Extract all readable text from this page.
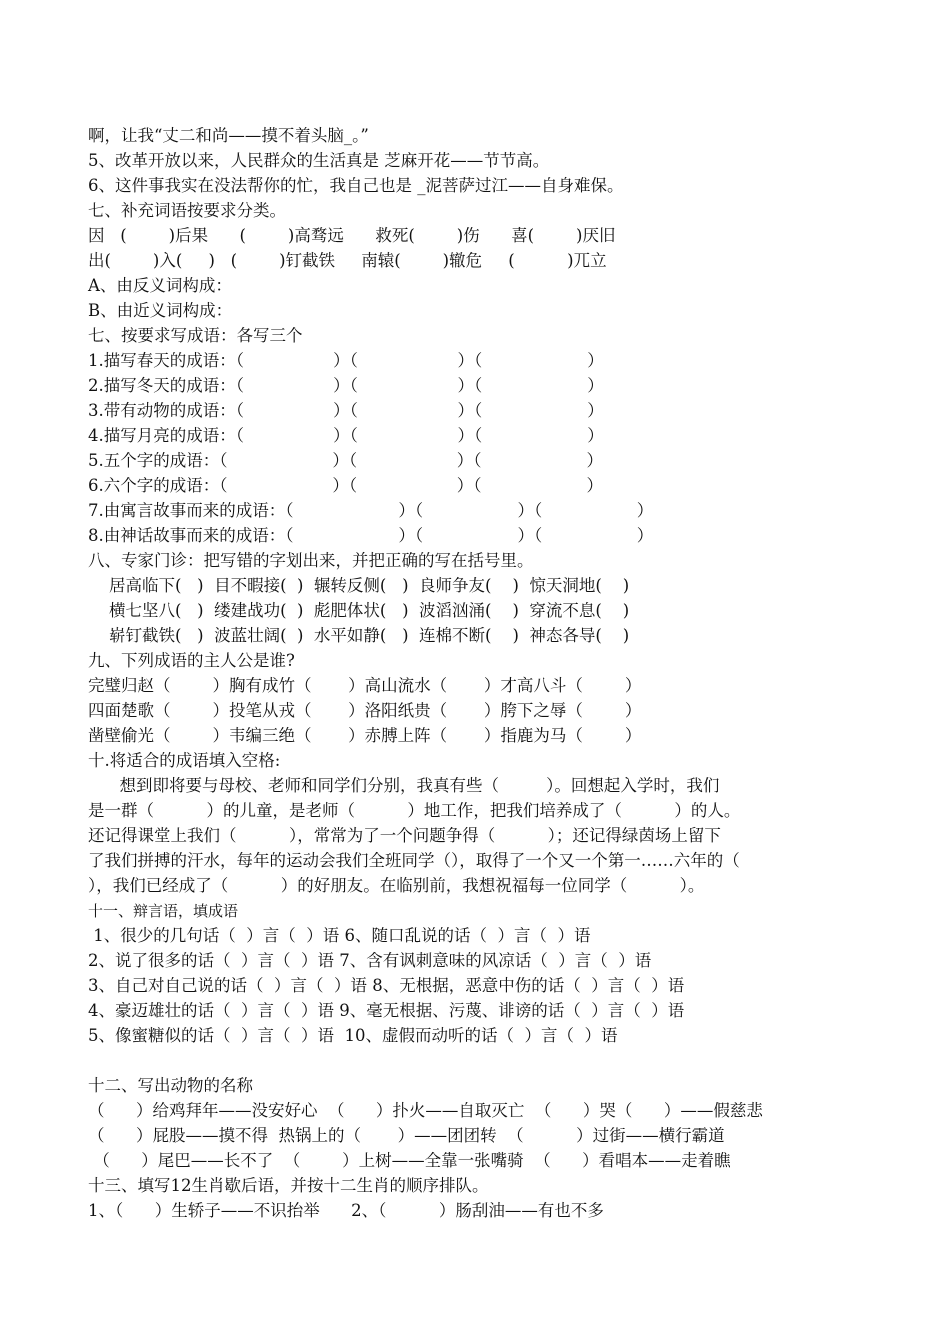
啊，让我“丈二和尚——摸不着头脑_。”
5、改革开放以来，人民群众的生活真是 芝麻开花——节节高。
6、这件事我实在没法帮你的忙，我自己也是 _泥菩萨过江——自身难保。
七、补充词语按要求分类。
因   (        )后果      (        )高骛远      救死(        )伤      喜(        )厌旧
出(        )入(     )   (        )钉截铁     南辕(        )辙危     (          )兀立
A、由反义词构成：
B、由近义词构成：
七、按要求写成语：各写三个
1.描写春天的成语：（                 ）（                   ）（                    ）
2.描写冬天的成语：（                 ）（                   ）（                    ）
3.带有动物的成语：（                 ）（                   ）（                    ）
4.描写月亮的成语：（                 ）（                   ）（                    ）
5.五个字的成语：（                    ）（                   ）（                    ）
6.六个字的成语：（                    ）（                   ）（                    ）
7.由寓言故事而来的成语：（                    ）（                  ）（                  ）
8.由神话故事而来的成语：（                    ）（                  ）（                  ）
八、专家门诊：把写错的字划出来，并把正确的写在括号里。
居高临下(   )  目不暇接(  )  辗转反侧(   )  良师争友(    )  惊天洞地(    )
横七坚八(   )  缕建战功(  )  彪肥体状(   )  波滔汹涌(    )  穿流不息(    )
崭钉截铁(   )  波蓝壮阔(  )  水平如静(   )  连棉不断(    )  神态各导(    )
九、下列成语的主人公是谁?
完璧归赵（        ）胸有成竹（       ）高山流水（       ）才高八斗（        ）
四面楚歌（        ）投笔从戎（       ）洛阳纸贵（       ）胯下之辱（        ）
凿壁偷光（        ）韦编三绝（       ）赤膊上阵（       ）指鹿为马（        ）
十.将适合的成语填入空格:
想到即将要与母校、老师和同学们分别，我真有些（         ）。回想起入学时，我们
是一群（          ）的儿童，是老师（          ）地工作，把我们培养成了（          ）的人。
还记得课堂上我们（          ），常常为了一个问题争得（          ）；还记得绿茵场上留下
了我们拼搏的汗水，每年的运动会我们全班同学（），取得了一个又一个第一……六年的（
），我们已经成了（          ）的好朋友。在临别前，我想祝福每一位同学（          ）。
十一、辩言语，填成语
1、很少的几句话（  ）言（  ）语 6、随口乱说的话（  ）言（  ）语
2、说了很多的话（  ）言（  ）语 7、含有讽刺意味的风凉话（  ）言（  ）语
3、自己对自己说的话（  ）言（  ）语 8、无根据，恶意中伤的话（  ）言（  ）语
4、豪迈雄壮的话（  ）言（  ）语 9、毫无根据、污蔑、诽谤的话（  ）言（  ）语
5、像蜜糖似的话（  ）言（  ）语  10、虚假而动听的话（  ）言（  ）语
十二、写出动物的名称
（      ）给鸡拜年——没安好心  （      ）扑火——自取灭亡  （      ）哭（      ）——假慈悲
（      ）屁股——摸不得  热锅上的（       ）——团团转  （          ）过街——横行霸道
（      ）尾巴——长不了  （        ）上树——全靠一张嘴骑  （      ）看唱本——走着瞧
十三、填写12生肖歇后语，并按十二生肖的顺序排队。
1、（      ）生轿子——不识抬举      2、（          ）肠刮油——有也不多
